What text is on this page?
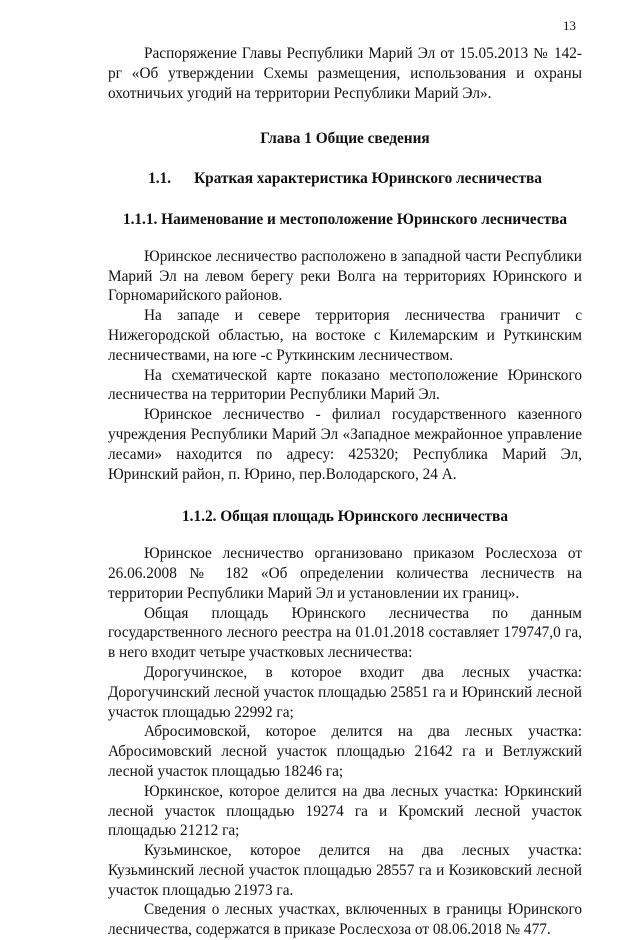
13

Распоряжение Главы Республики Марий Эл от 15.05.2013 № 142-рг «Об утверждении Схемы размещения, использования и охраны охотничьих угодий на территории Республики Марий Эл».

Глава 1 Общие сведения

1.1. Краткая характеристика Юринского лесничества

1.1.1. Наименование и местоположение Юринского лесничества

Юринское лесничество расположено в западной части Республики Марий Эл на левом берегу реки Волга на территориях Юринского и Горномарийского районов.

На западе и севере территория лесничества граничит с Нижегородской областью, на востоке с Килемарским и Руткинским лесничествами, на юге -с Руткинским лесничеством.

На схематической карте показано местоположение Юринского лесничества на территории Республики Марий Эл.

Юринское лесничество - филиал государственного казенного учреждения Республики Марий Эл «Западное межрайонное управление лесами» находится по адресу: 425320; Республика Марий Эл, Юринский район, п. Юрино, пер.Володарского, 24 А.

1.1.2. Общая площадь Юринского лесничества

Юринское лесничество организовано приказом Рослесхоза от 26.06.2008 № 182 «Об определении количества лесничеств на территории Республики Марий Эл и установлении их границ».

Общая площадь Юринского лесничества по данным государственного лесного реестра на 01.01.2018 составляет 179747,0 га, в него входит четыре участковых лесничества:

Дорогучинское, в которое входит два лесных участка: Дорогучинский лесной участок площадью 25851 га и Юринский лесной участок площадью 22992 га;

Абросимовской, которое делится на два лесных участка: Абросимовский лесной участок площадью 21642 га и Ветлужский лесной участок площадью 18246 га;

Юркинское, которое делится на два лесных участка: Юркинский лесной участок площадью 19274 га и Кромский лесной участок площадью 21212 га;

Кузьминское, которое делится на два лесных участка: Кузьминский лесной участок площадью 28557 га и Козиковский лесной участок площадью 21973 га.

Сведения о лесных участках, включенных в границы Юринского лесничества, содержатся в приказе Рослесхоза от 08.06.2018 № 477.
